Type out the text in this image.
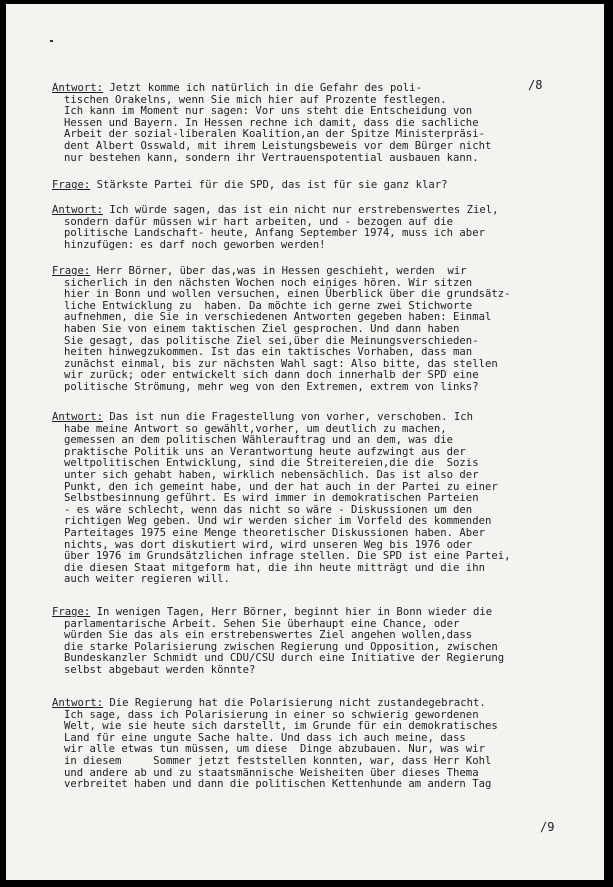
/8
Antwort: Jetzt komme ich natürlich in die Gefahr des poli-
tischen Orakelns, wenn Sie mich hier auf Prozente festlegen.
Ich kann im Moment nur sagen: Vor uns steht die Entscheidung von
Hessen und Bayern. In Hessen rechne ich damit, dass die sachliche
Arbeit der sozial-liberalen Koalition,an der Spitze Ministerpräsi-
dent Albert Osswald, mit ihrem Leistungsbeweis vor dem Bürger nicht
nur bestehen kann, sondern ihr Vertrauenspotential ausbauen kann.
Frage: Stärkste Partei für die SPD, das ist für sie ganz klar?
Antwort: Ich würde sagen, das ist ein nicht nur erstrebenswertes Ziel,
sondern dafür müssen wir hart arbeiten, und - bezogen auf die
politische Landschaft- heute, Anfang September 1974, muss ich aber
hinzufügen: es darf noch geworben werden!
Frage: Herr Börner, über das,was in Hessen geschieht, werden  wir
sicherlich in den nächsten Wochen noch einiges hören. Wir sitzen
hier in Bonn und wollen versuchen, einen Überblick über die grundsätz-
liche Entwicklung zu  haben. Da möchte ich gerne zwei Stichworte
aufnehmen, die Sie in verschiedenen Antworten gegeben haben: Einmal
haben Sie von einem taktischen Ziel gesprochen. Und dann haben
Sie gesagt, das politische Ziel sei,über die Meinungsverschieden-
heiten hinwegzukommen. Ist das ein taktisches Vorhaben, dass man
zunächst einmal, bis zur nächsten Wahl sagt: Also bitte, das stellen
wir zurück; oder entwickelt sich dann doch innerhalb der SPD eine
politische Strömung, mehr weg von den Extremen, extrem von links?
Antwort: Das ist nun die Fragestellung von vorher, verschoben. Ich
habe meine Antwort so gewählt,vorher, um deutlich zu machen,
gemessen an dem politischen Wählerauftrag und an dem, was die
praktische Politik uns an Verantwortung heute aufzwingt aus der
weltpolitischen Entwicklung, sind die Streitereien,die die  Sozis
unter sich gehabt haben, wirklich nebensächlich. Das ist also der
Punkt, den ich gemeint habe, und der hat auch in der Partei zu einer
Selbstbesinnung geführt. Es wird immer in demokratischen Parteien
- es wäre schlecht, wenn das nicht so wäre - Diskussionen um den
richtigen Weg geben. Und wir werden sicher im Vorfeld des kommenden
Parteitages 1975 eine Menge theoretischer Diskussionen haben. Aber
nichts, was dort diskutiert wird, wird unseren Weg bis 1976 oder
über 1976 im Grundsätzlichen infrage stellen. Die SPD ist eine Partei,
die diesen Staat mitgeform hat, die ihn heute mitträgt und die ihn
auch weiter regieren will.
Frage: In wenigen Tagen, Herr Börner, beginnt hier in Bonn wieder die
parlamentarische Arbeit. Sehen Sie überhaupt eine Chance, oder
würden Sie das als ein erstrebenswertes Ziel angehen wollen,dass
die starke Polarisierung zwischen Regierung und Opposition, zwischen
Bundeskanzler Schmidt und CDU/CSU durch eine Initiative der Regierung
selbst abgebaut werden könnte?
Antwort: Die Regierung hat die Polarisierung nicht zustandegebracht.
Ich sage, dass ich Polarisierung in einer so schwierig gewordenen
Welt, wie sie heute sich darstellt, im Grunde für ein demokratisches
Land für eine ungute Sache halte. Und dass ich auch meine, dass
wir alle etwas tun müssen, um diese  Dinge abzubauen. Nur, was wir
in diesem     Sommer jetzt feststellen konnten, war, dass Herr Kohl
und andere ab und zu staatsmännische Weisheiten über dieses Thema
verbreitet haben und dann die politischen Kettenhunde am andern Tag
/9
